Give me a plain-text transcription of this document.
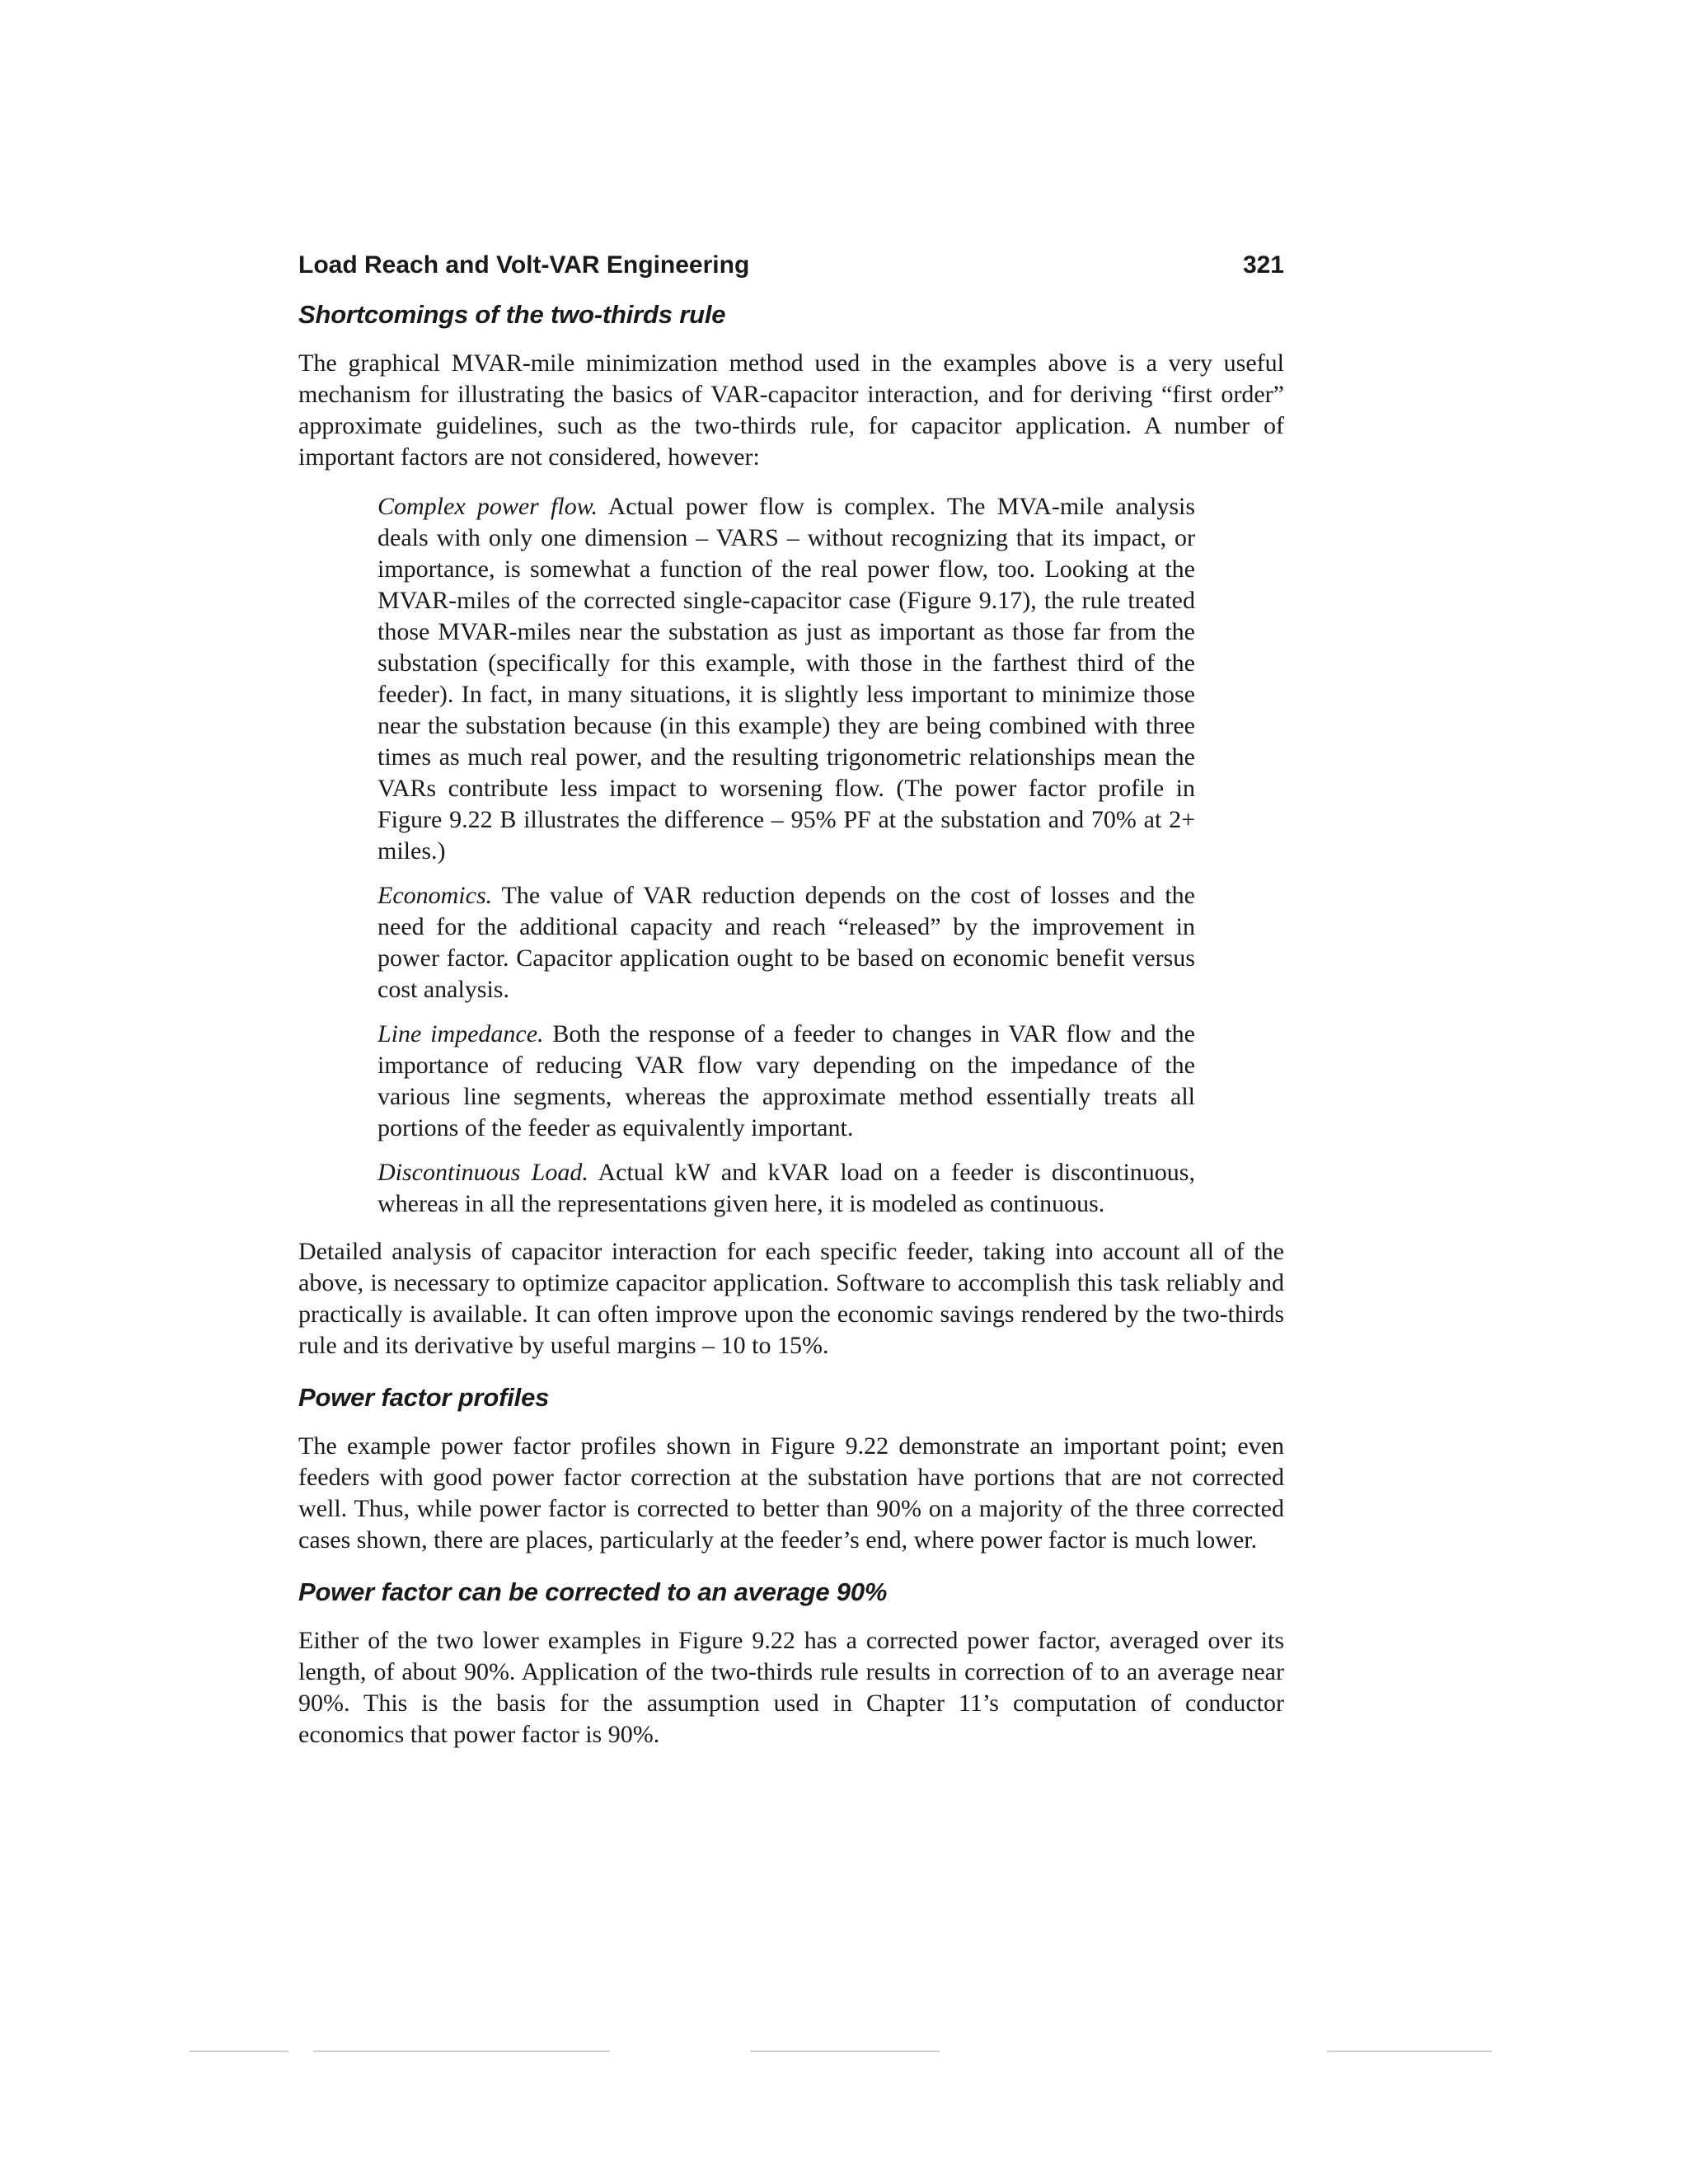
Load Reach and Volt-VAR Engineering	321
Shortcomings of the two-thirds rule

The graphical MVAR-mile minimization method used in the examples above is a very useful mechanism for illustrating the basics of VAR-capacitor interaction, and for deriving “first order” approximate guidelines, such as the two-thirds rule, for capacitor application. A number of important factors are not considered, however:

Complex power flow. Actual power flow is complex. The MVA-mile analysis deals with only one dimension – VARS – without recognizing that its impact, or importance, is somewhat a function of the real power flow, too. Looking at the MVAR-miles of the corrected single-capacitor case (Figure 9.17), the rule treated those MVAR-miles near the substation as just as important as those far from the substation (specifically for this example, with those in the farthest third of the feeder). In fact, in many situations, it is slightly less important to minimize those near the substation because (in this example) they are being combined with three times as much real power, and the resulting trigonometric relationships mean the VARs contribute less impact to worsening flow. (The power factor profile in Figure 9.22 B illustrates the difference – 95% PF at the substation and 70% at 2+ miles.)

Economics. The value of VAR reduction depends on the cost of losses and the need for the additional capacity and reach “released” by the improvement in power factor. Capacitor application ought to be based on economic benefit versus cost analysis.

Line impedance. Both the response of a feeder to changes in VAR flow and the importance of reducing VAR flow vary depending on the impedance of the various line segments, whereas the approximate method essentially treats all portions of the feeder as equivalently important.

Discontinuous Load. Actual kW and kVAR load on a feeder is discontinuous, whereas in all the representations given here, it is modeled as continuous.

Detailed analysis of capacitor interaction for each specific feeder, taking into account all of the above, is necessary to optimize capacitor application. Software to accomplish this task reliably and practically is available. It can often improve upon the economic savings rendered by the two-thirds rule and its derivative by useful margins – 10 to 15%.

Power factor profiles

The example power factor profiles shown in Figure 9.22 demonstrate an important point; even feeders with good power factor correction at the substation have portions that are not corrected well. Thus, while power factor is corrected to better than 90% on a majority of the three corrected cases shown, there are places, particularly at the feeder’s end, where power factor is much lower.

Power factor can be corrected to an average 90%

Either of the two lower examples in Figure 9.22 has a corrected power factor, averaged over its length, of about 90%. Application of the two-thirds rule results in correction of to an average near 90%. This is the basis for the assumption used in Chapter 11’s computation of conductor economics that power factor is 90%.
